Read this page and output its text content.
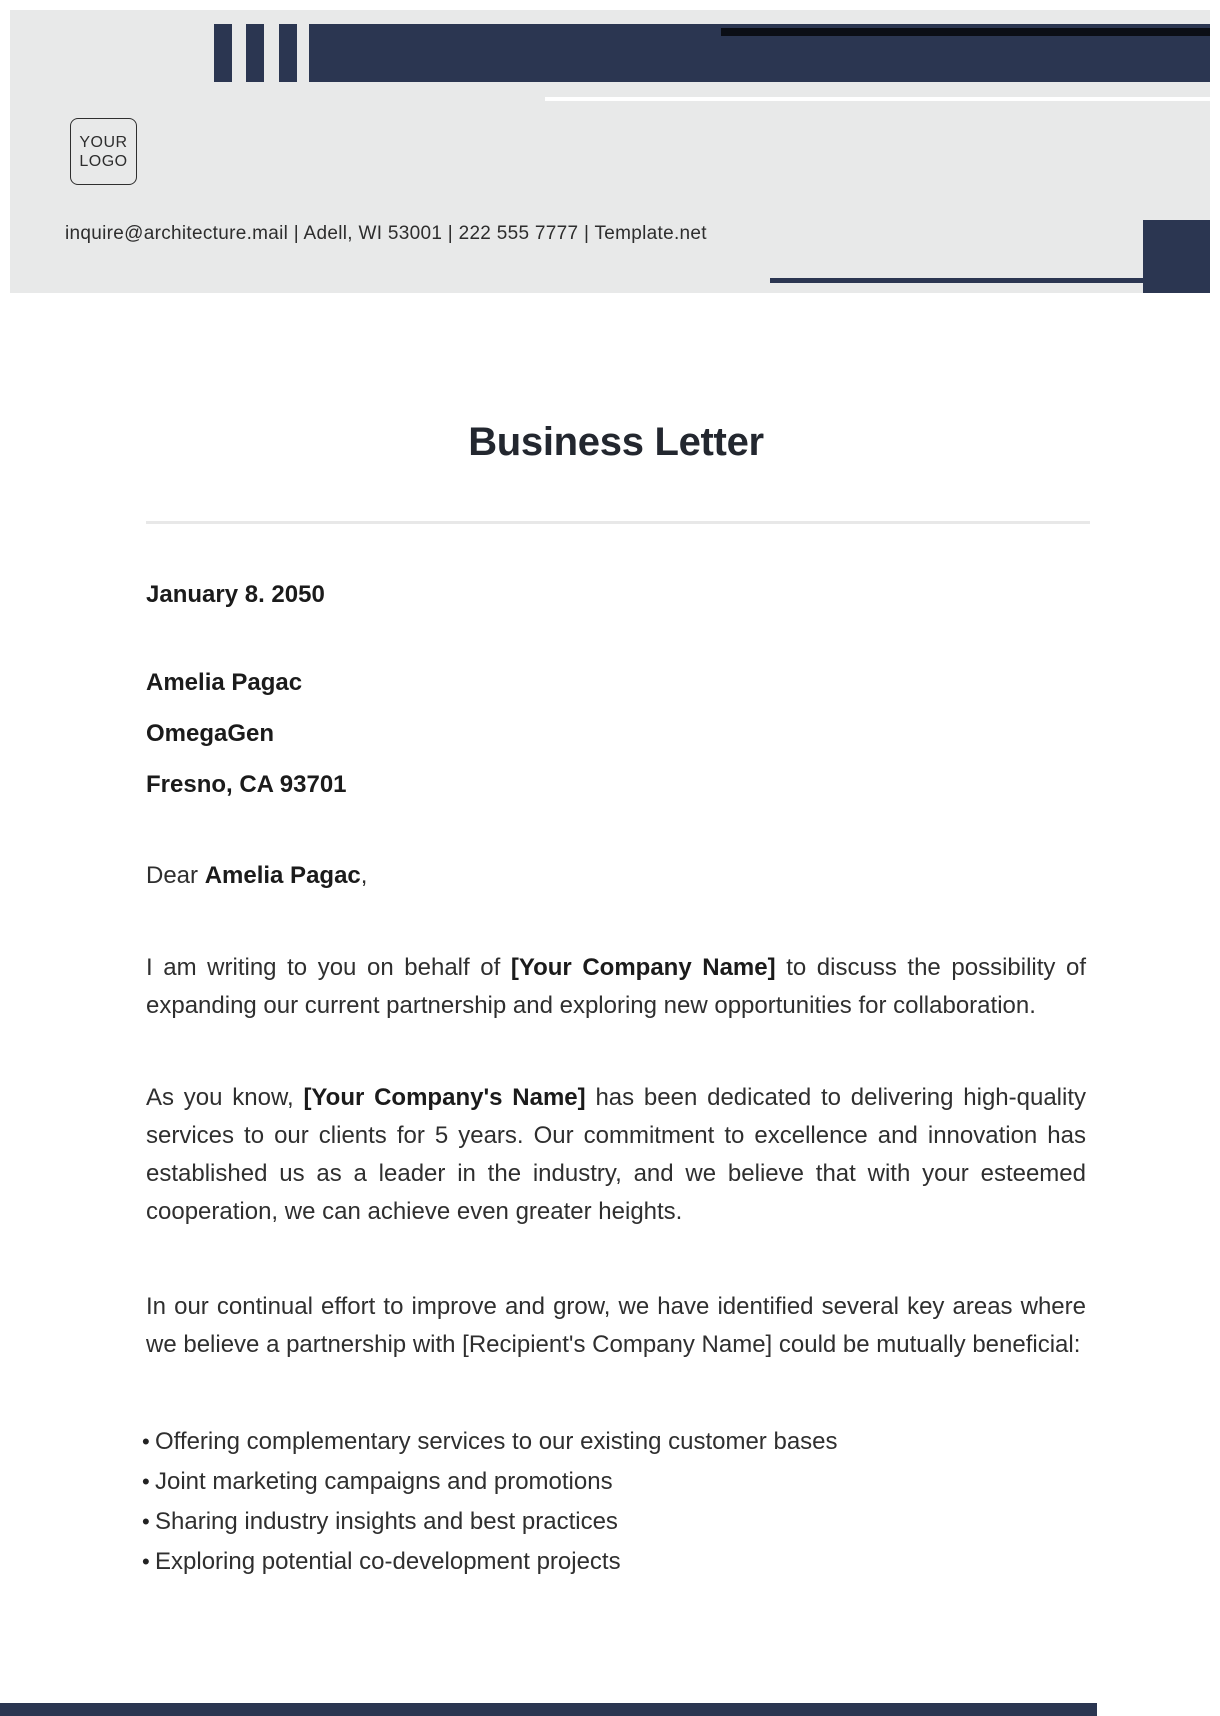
YOUR
LOGO
inquire@architecture.mail | Adell, WI 53001 | 222 555 7777 | Template.net
Business Letter

January 8. 2050

Amelia Pagac

OmegaGen

Fresno, CA 93701

Dear Amelia Pagac,

I am writing to you on behalf of [Your Company Name] to discuss the possibility of expanding our current partnership and exploring new opportunities for collaboration.

As you know, [Your Company's Name] has been dedicated to delivering high-quality services to our clients for 5 years. Our commitment to excellence and innovation has established us as a leader in the industry, and we believe that with your esteemed cooperation, we can achieve even greater heights.

In our continual effort to improve and grow, we have identified several key areas where we believe a partnership with [Recipient's Company Name] could be mutually beneficial:

• Offering complementary services to our existing customer bases
• Joint marketing campaigns and promotions
• Sharing industry insights and best practices
• Exploring potential co-development projects
